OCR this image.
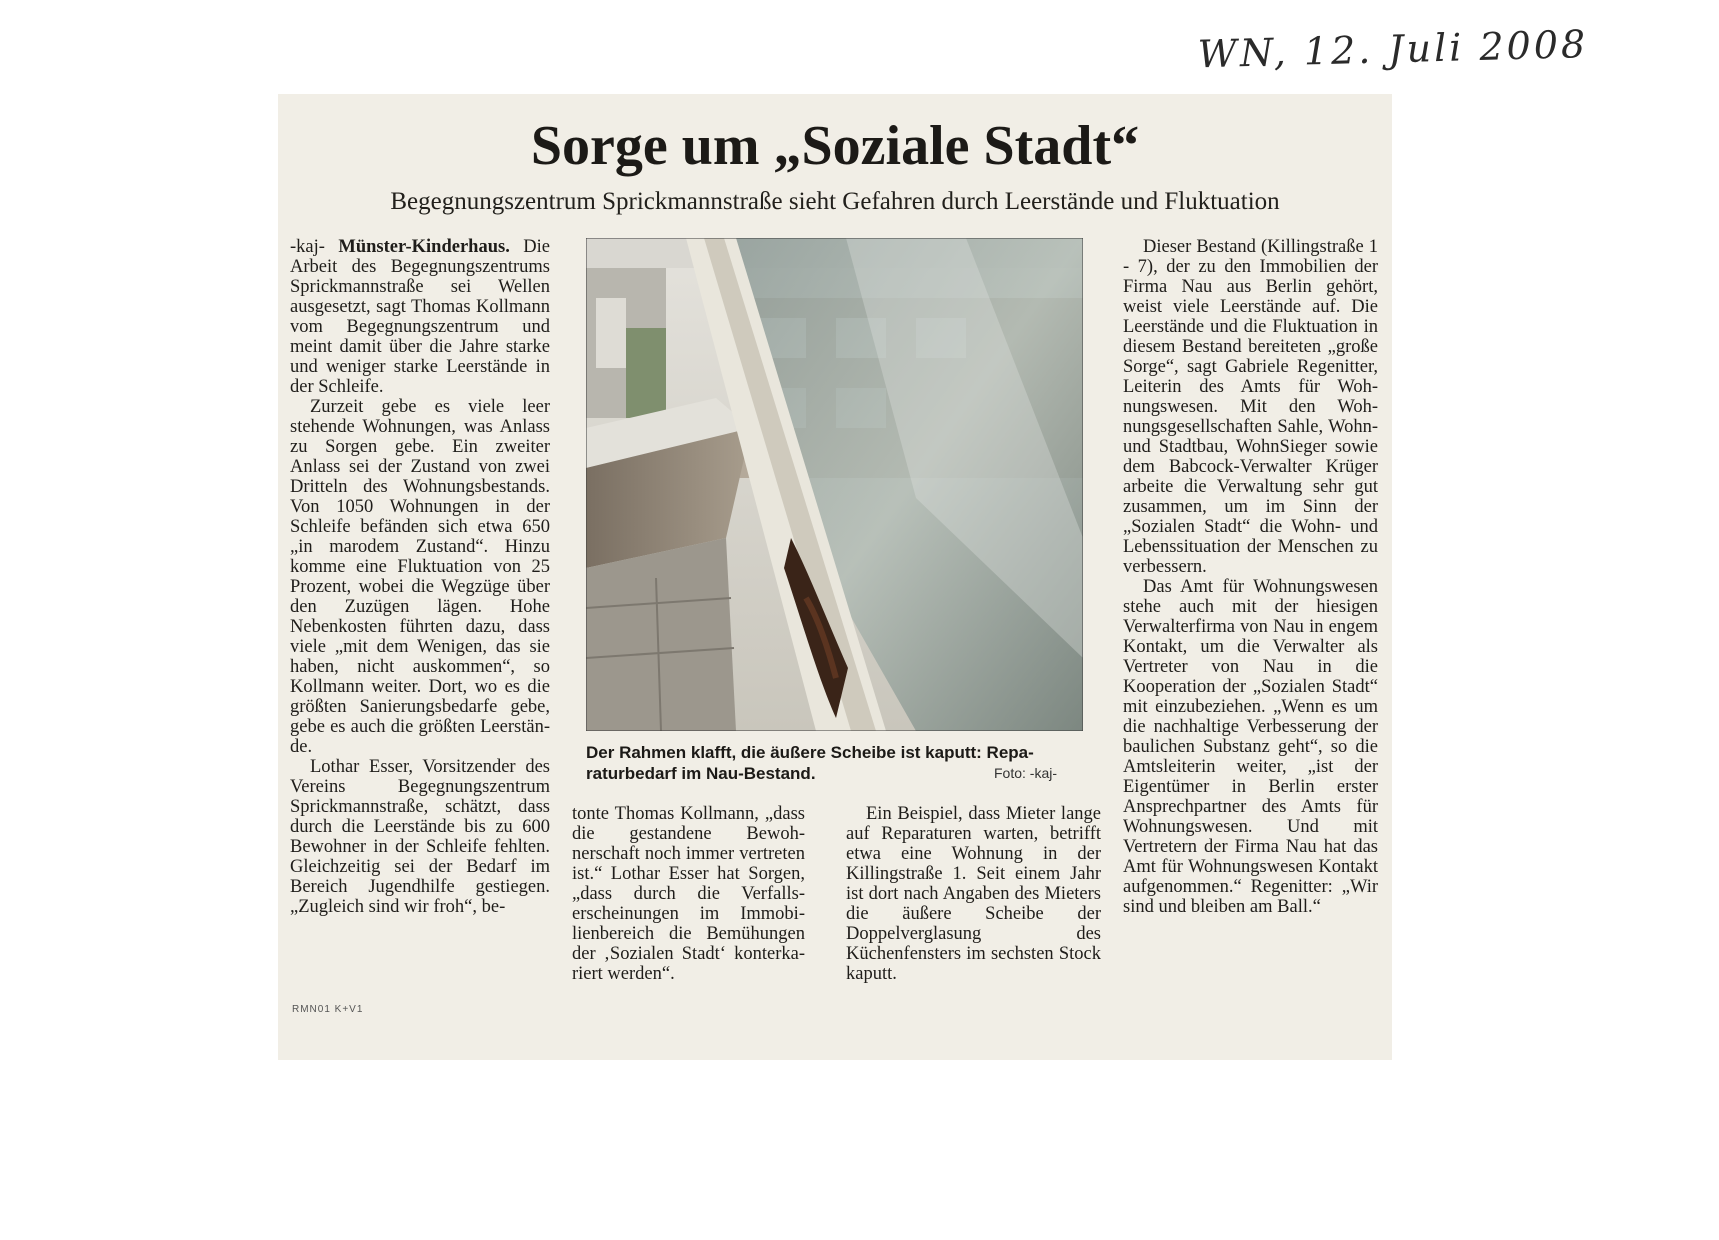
WN, 12. Juli 2008
Sorge um „Soziale Stadt“
Begegnungszentrum Sprickmannstraße sieht Gefahren durch Leerstände und Fluktuation

-kaj- Münster-Kinderhaus. Die Arbeit des Begegnungszentrums Sprickmannstraße sei Wellen ausgesetzt, sagt Thomas Kollmann vom Begegnungszentrum und meint damit über die Jahre starke und weniger starke Leerstände in der Schleife.

Zurzeit gebe es viele leer stehende Wohnungen, was Anlass zu Sorgen gebe. Ein zweiter Anlass sei der Zustand von zwei Dritteln des Wohnungsbestands. Von 1050 Wohnungen in der Schleife befänden sich etwa 650 „in marodem Zustand“. Hinzu komme eine Fluktuation von 25 Prozent, wobei die Wegzüge über den Zuzügen lägen. Hohe Nebenkosten führten dazu, dass viele „mit dem Wenigen, das sie haben, nicht auskommen“, so Kollmann weiter. Dort, wo es die größten Sanierungsbedarfe gebe, gebe es auch die größten Leerstände.

Lothar Esser, Vorsitzender des Vereins Begegnungszentrum Sprickmannstraße, schätzt, dass durch die Leerstände bis zu 600 Bewohner in der Schleife fehlten. Gleichzeitig sei der Bedarf im Bereich Jugendhilfe gestiegen. „Zugleich sind wir froh“, be-

Der Rahmen klafft, die äußere Scheibe ist kaputt: Reparaturbedarf im Nau-Bestand.	Foto: -kaj-

tonte Thomas Kollmann, „dass die gestandene Bewohnerschaft noch immer vertreten ist.“ Lothar Esser hat Sorgen, „dass durch die Verfallserscheinungen im Immobilienbereich die Bemühungen der ‚Sozialen Stadt‘ konterkariert werden“.

Ein Beispiel, dass Mieter lange auf Reparaturen warten, betrifft etwa eine Wohnung in der Killingstraße 1. Seit einem Jahr ist dort nach Angaben des Mieters die äußere Scheibe der Doppelverglasung des Küchenfensters im sechsten Stock kaputt.

Dieser Bestand (Killingstraße 1 - 7), der zu den Immobilien der Firma Nau aus Berlin gehört, weist viele Leerstände auf. Die Leerstände und die Fluktuation in diesem Bestand bereiteten „große Sorge“, sagt Gabriele Regenitter, Leiterin des Amts für Wohnungswesen. Mit den Wohnungsgesellschaften Sahle, Wohn- und Stadtbau, WohnSieger sowie dem Babcock-Verwalter Krüger arbeite die Verwaltung sehr gut zusammen, um im Sinn der „Sozialen Stadt“ die Wohn- und Lebenssituation der Menschen zu verbessern.

Das Amt für Wohnungswesen stehe auch mit der hiesigen Verwalterfirma von Nau in engem Kontakt, um die Verwalter als Vertreter von Nau in die Kooperation der „Sozialen Stadt“ mit einzubeziehen. „Wenn es um die nachhaltige Verbesserung der baulichen Substanz geht“, so die Amtsleiterin weiter, „ist der Eigentümer in Berlin erster Ansprechpartner des Amts für Wohnungswesen. Und mit Vertretern der Firma Nau hat das Amt für Wohnungswesen Kontakt aufgenommen.“ Regenitter: „Wir sind und bleiben am Ball.“

RMN01 K+V1
